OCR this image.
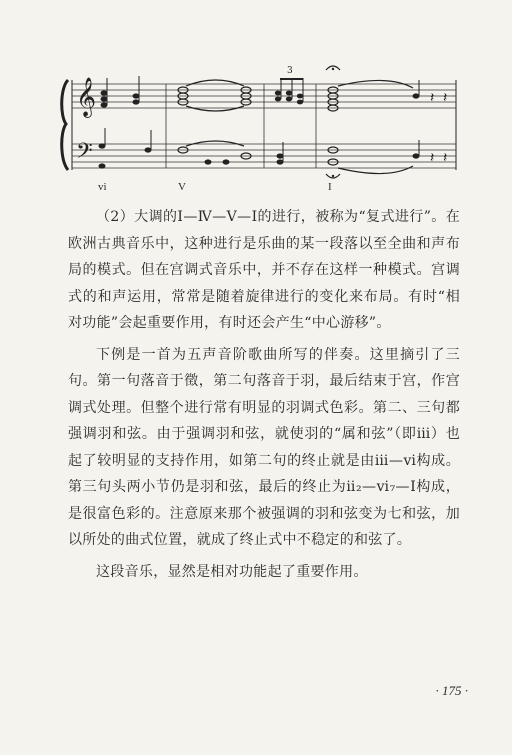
𝄞
𝄢
3
𝄽 𝄽
𝄽 𝄽
vi	V	I

（2）大调的Ⅰ—Ⅳ—Ⅴ—Ⅰ的进行，被称为“复式进行”。在欧洲古典音乐中，这种进行是乐曲的某一段落以至全曲和声布局的模式。但在宫调式音乐中，并不存在这样一种模式。宫调式的和声运用，常常是随着旋律进行的变化来布局。有时“相对功能”会起重要作用，有时还会产生“中心游移”。

下例是一首为五声音阶歌曲所写的伴奏。这里摘引了三句。第一句落音于徵，第二句落音于羽，最后结束于宫，作宫调式处理。但整个进行常有明显的羽调式色彩。第二、三句都强调羽和弦。由于强调羽和弦，就使羽的“属和弦”（即ⅲ）也起了较明显的支持作用，如第二句的终止就是由ⅲ—ⅵ构成。第三句头两小节仍是羽和弦，最后的终止为ⅱ₂—ⅵ₇—Ⅰ构成，是很富色彩的。注意原来那个被强调的羽和弦变为七和弦，加以所处的曲式位置，就成了终止式中不稳定的和弦了。

这段音乐，显然是相对功能起了重要作用。

· 175 ·
